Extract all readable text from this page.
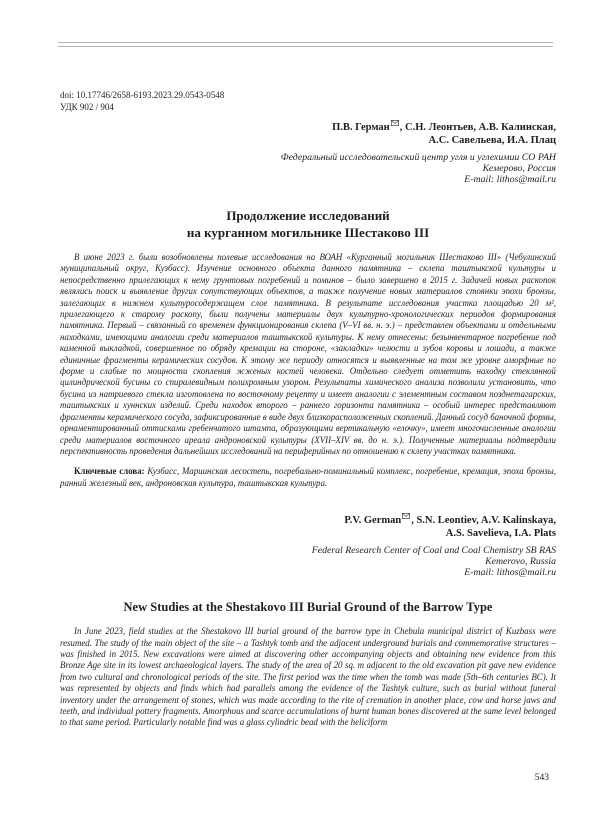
doi: 10.17746/2658-6193.2023.29.0543-0548
УДК 902 / 904
П.В. Герман , С.Н. Леонтьев, А.В. Калинская,
А.С. Савельева, И.А. Плац
Федеральный исследовательский центр угля и углехимии СО РАН
Кемерово, Россия
E-mail: lithos@mail.ru
Продолжение исследований
на курганном могильнике Шестаково III

В июне 2023 г. были возобновлены полевые исследования на ВОАН «Курганный могильник Шестаково III» (Чебулинский муниципальный округ, Кузбасс). Изучение основного объекта данного памятника – склепа таштыкской культуры и непосредственно прилегающих к нему грунтовых погребений и поминов – было завершено в 2015 г. Задачей новых раскопок являлись поиск и выявление других сопутствующих объектов, а также получение новых материалов стоянки эпохи бронзы, залегающих в нижнем культуросодержащем слое памятника. В результате исследования участка площадью 20 м², прилегающего к старому раскопу, были получены материалы двух культурно-хронологических периодов формирования памятника. Первый – связанный со временем функционирования склепа (V–VI вв. н. э.) – представлен объектами и отдельными находками, имеющими аналогии среди материалов таштыкской культуры. К нему отнесены: безынвентарное погребение под каменной выкладкой, совершенное по обряду кремации на стороне, «закладки» челюсти и зубов коровы и лошади, а также единичные фрагменты керамических сосудов. К этому же периоду относятся и выявленные на том же уровне аморфные по форме и слабые по мощности скопления жженых костей человека. Отдельно следует отметить находку стеклянной цилиндрической бусины со спиралевидным полихромным узором. Результаты химического анализа позволили установить, что бусина из натриевого стекла изготовлена по восточному рецепту и имеет аналогии с элементным составом позднетагарских, таштыкских и хуннских изделий. Среди находок второго – раннего горизонта памятника – особый интерес представляют фрагменты керамического сосуда, зафиксированные в виде двух близкорасположенных скоплений. Данный сосуд баночной формы, орнаментированный оттисками гребенчатого штампа, образующими вертикальную «елочку», имеет многочисленные аналогии среди материалов восточного ареала андроновской культуры (XVII–XIV вв. до н. э.). Полученные материалы подтвердили перспективность проведения дальнейших исследований на периферийных по отношению к склепу участках памятника.

Ключевые слова: Кузбасс, Мариинская лесостепь, погребально-поминальный комплекс, погребение, кремация, эпоха бронзы, ранний железный век, андроновская культура, таштыкская культура.

P.V. German , S.N. Leontiev, A.V. Kalinskaya,
A.S. Savelieva, I.A. Plats
Federal Research Center of Coal and Coal Chemistry SB RAS
Kemerovo, Russia
E-mail: lithos@mail.ru
New Studies at the Shestakovo III Burial Ground of the Barrow Type

In June 2023, field studies at the Shestakovo III burial ground of the barrow type in Chebula municipal district of Kuzbass were resumed. The study of the main object of the site – a Tashtyk tomb and the adjacent underground burials and commemorative structures – was finished in 2015. New excavations were aimed at discovering other accompanying objects and obtaining new evidence from this Bronze Age site in its lowest archaeological layers. The study of the area of 20 sq. m adjacent to the old excavation pit gave new evidence from two cultural and chronological periods of the site. The first period was the time when the tomb was made (5th–6th centuries BC). It was represented by objects and finds which had parallels among the evidence of the Tashtyk culture, such as burial without funeral inventory under the arrangement of stones, which was made according to the rite of cremation in another place, cow and horse jaws and teeth, and individual pottery fragments. Amorphous and scarce accumulations of burnt human bones discovered at the same level belonged to that same period. Particularly notable find was a glass cylindric bead with the heliciform

543
